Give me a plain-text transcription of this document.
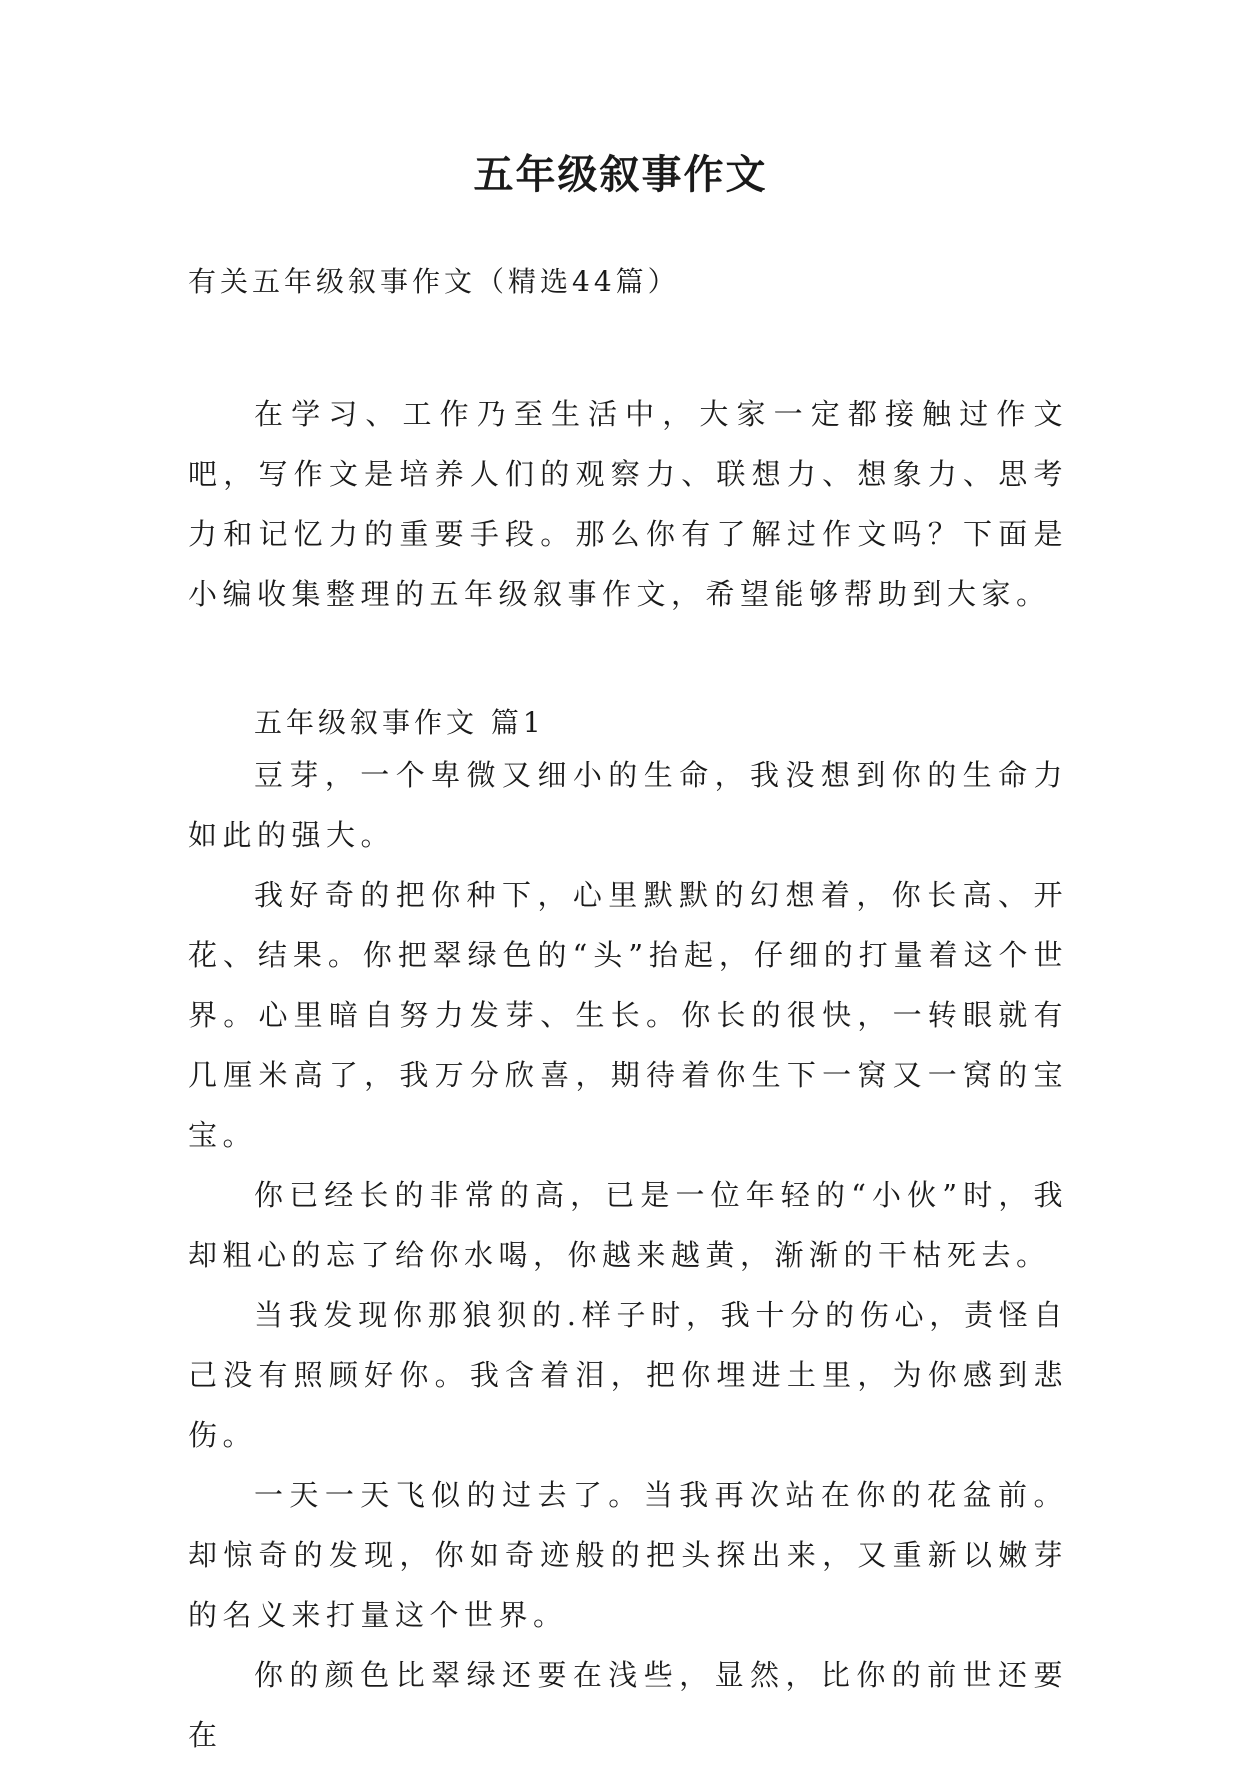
五年级叙事作文

有关五年级叙事作文（精选44篇）

在学习、工作乃至生活中，大家一定都接触过作文吧，写作文是培养人们的观察力、联想力、想象力、思考力和记忆力的重要手段。那么你有了解过作文吗？下面是小编收集整理的五年级叙事作文，希望能够帮助到大家。

五年级叙事作文 篇1

豆芽，一个卑微又细小的生命，我没想到你的生命力如此的强大。

我好奇的把你种下，心里默默的幻想着，你长高、开花、结果。你把翠绿色的“头”抬起，仔细的打量着这个世界。心里暗自努力发芽、生长。你长的很快，一转眼就有几厘米高了，我万分欣喜，期待着你生下一窝又一窝的宝宝。

你已经长的非常的高，已是一位年轻的“小伙”时，我却粗心的忘了给你水喝，你越来越黄，渐渐的干枯死去。

当我发现你那狼狈的.样子时，我十分的伤心，责怪自己没有照顾好你。我含着泪，把你埋进土里，为你感到悲伤。

一天一天飞似的过去了。当我再次站在你的花盆前。却惊奇的发现，你如奇迹般的把头探出来，又重新以嫩芽的名义来打量这个世界。

你的颜色比翠绿还要在浅些，显然，比你的前世还要在
